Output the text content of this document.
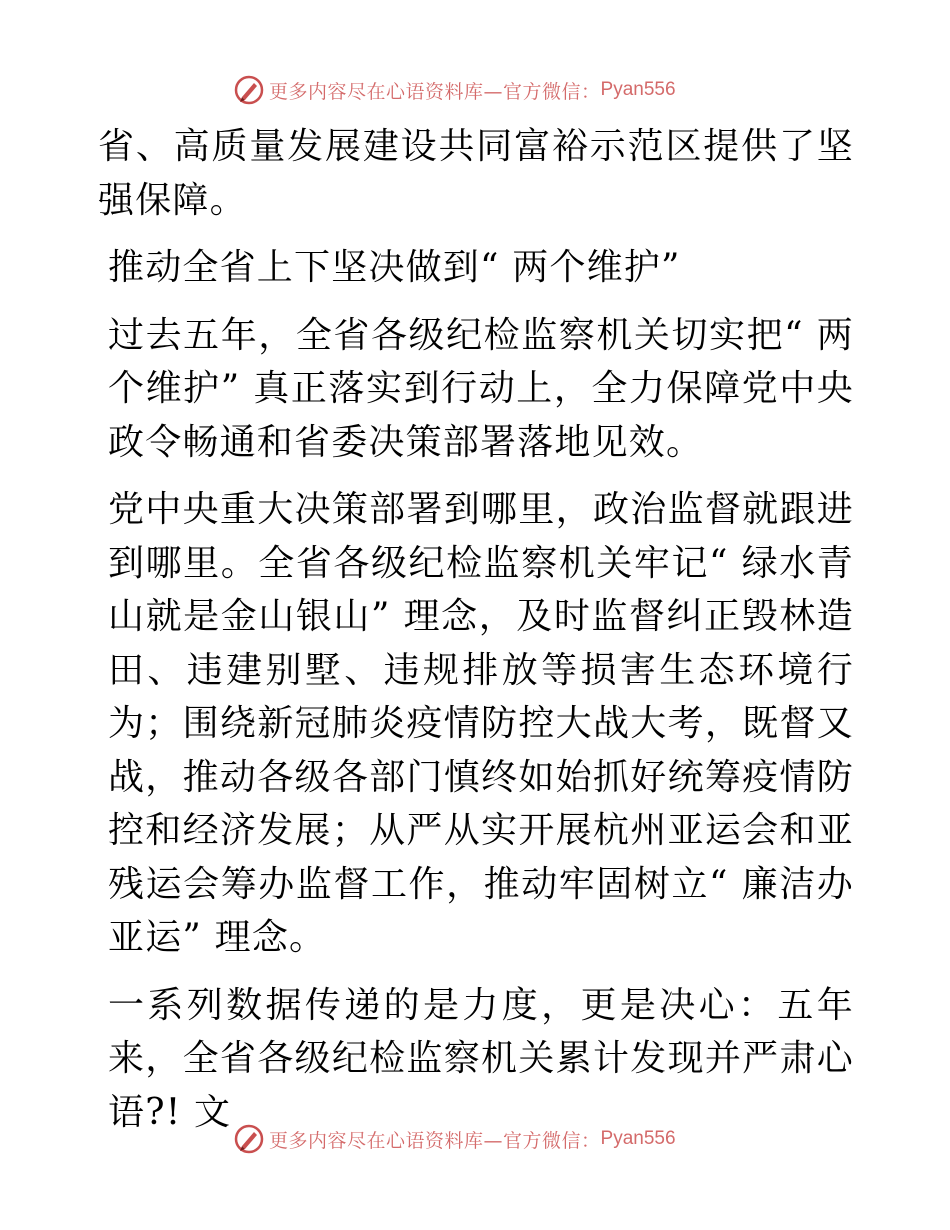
更多内容尽在心语资料库—官方微信： Pyan556

省、高质量发展建设共同富裕示范区提供了坚强保障。

推动全省上下坚决做到“ 两个维护”

过去五年，全省各级纪检监察机关切实把“ 两个维护” 真正落实到行动上，全力保障党中央政令畅通和省委决策部署落地见效。

党中央重大决策部署到哪里，政治监督就跟进到哪里。全省各级纪检监察机关牢记“ 绿水青山就是金山银山” 理念，及时监督纠正毁林造田、违建别墅、违规排放等损害生态环境行为；围绕新冠肺炎疫情防控大战大考，既督又战，推动各级各部门慎终如始抓好统筹疫情防控和经济发展；从严从实开展杭州亚运会和亚残运会筹办监督工作，推动牢固树立“ 廉洁办亚运” 理念。

一系列数据传递的是力度，更是决心：五年来，全省各级纪检监察机关累计发现并严肃心语?! 文

更多内容尽在心语资料库—官方微信： Pyan556
